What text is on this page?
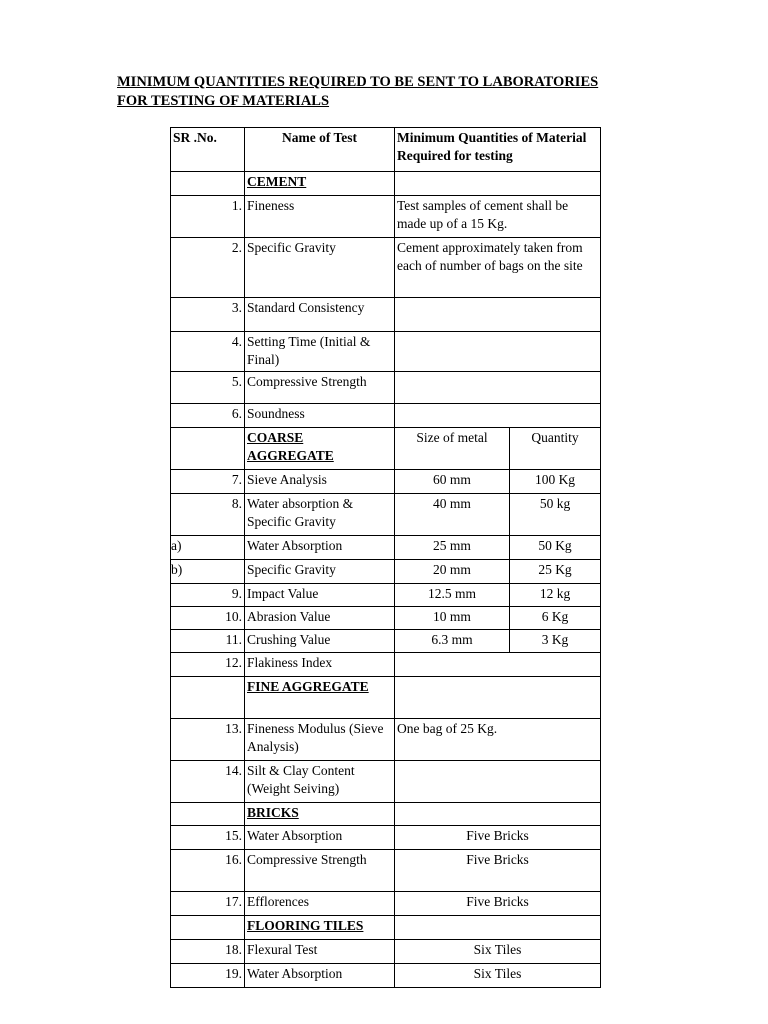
MINIMUM QUANTITIES REQUIRED TO BE SENT TO LABORATORIES
FOR TESTING OF MATERIALS
SR .No.	Name of Test	Minimum Quantities of Material Required for testing	
	CEMENT		
1.	Fineness	Test samples of cement shall be made up of a 15 Kg.	
2.	Specific Gravity	Cement approximately taken from each of number of bags on the site	
3.	Standard Consistency		
4.	Setting Time (Initial & Final)		
5.	Compressive Strength		
6.	Soundness		
	COARSE AGGREGATE	Size of metal	Quantity
7.	Sieve Analysis	60 mm	100 Kg
8.	Water absorption & Specific Gravity	40 mm	50 kg
a)	Water Absorption	25 mm	50 Kg
b)	Specific Gravity	20 mm	25 Kg
9.	Impact Value	12.5 mm	12 kg
10.	Abrasion Value	10 mm	6 Kg
11.	Crushing Value	6.3 mm	3 Kg
12.	Flakiness Index		
	FINE AGGREGATE		
13.	Fineness Modulus (Sieve Analysis)	One bag of 25 Kg.	
14.	Silt & Clay Content (Weight Seiving)		
	BRICKS		
15.	Water Absorption	Five Bricks	
16.	Compressive Strength	Five Bricks	
17.	Efflorences	Five Bricks	
	FLOORING TILES		
18.	Flexural Test	Six Tiles	
19.	Water Absorption	Six Tiles	
